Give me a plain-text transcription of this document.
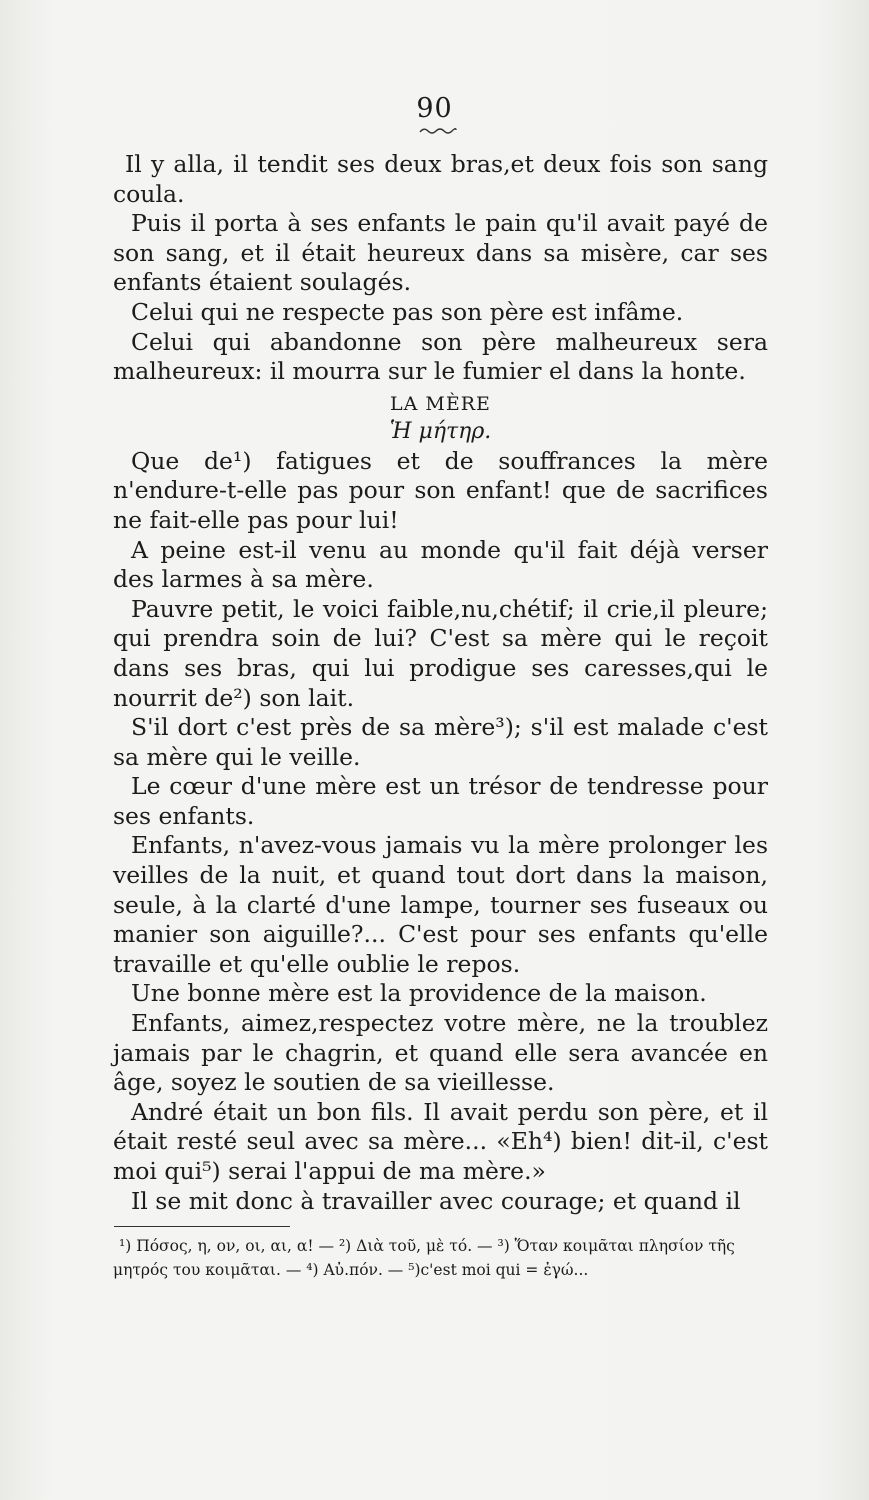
90

Il y alla, il tendit ses deux bras,et deux fois son sang coula.

Puis il porta à ses enfants le pain qu'il avait payé de son sang, et il était heureux dans sa misère, car ses enfants étaient soulagés.

Celui qui ne respecte pas son père est infâme.

Celui qui abandonne son père malheureux sera malheureux: il mourra sur le fumier el dans la honte.

LA MÈRE
Ἡ μήτηρ.

Que de¹) fatigues et de souffrances la mère n'endure-t-elle pas pour son enfant! que de sacrifices ne fait-elle pas pour lui!

A peine est-il venu au monde qu'il fait déjà verser des larmes à sa mère.

Pauvre petit, le voici faible,nu,chétif; il crie,il pleure; qui prendra soin de lui? C'est sa mère qui le reçoit dans ses bras, qui lui prodigue ses caresses,qui le nourrit de²) son lait.

S'il dort c'est près de sa mère³); s'il est malade c'est sa mère qui le veille.

Le cœur d'une mère est un trésor de tendresse pour ses enfants.

Enfants, n'avez-vous jamais vu la mère prolonger les veilles de la nuit, et quand tout dort dans la maison, seule, à la clarté d'une lampe, tourner ses fuseaux ou manier son aiguille?... C'est pour ses enfants qu'elle travaille et qu'elle oublie le repos.

Une bonne mère est la providence de la maison.

Enfants, aimez,respectez votre mère, ne la troublez jamais par le chagrin, et quand elle sera avancée en âge, soyez le soutien de sa vieillesse.

André était un bon fils. Il avait perdu son père, et il était resté seul avec sa mère... «Eh⁴) bien! dit-il, c'est moi qui⁵) serai l'appui de ma mère.»

Il se mit donc à travailler avec courage; et quand il

¹) Πόσος, η, ον, οι, αι, α! — ²) Διὰ τοῦ, μὲ τό. — ³) Ὅταν κοιμᾶται πλησίον τῆς μητρός του κοιμᾶται. — ⁴) Αὐ.πόν. — ⁵)c'est moi qui = ἐγώ...
